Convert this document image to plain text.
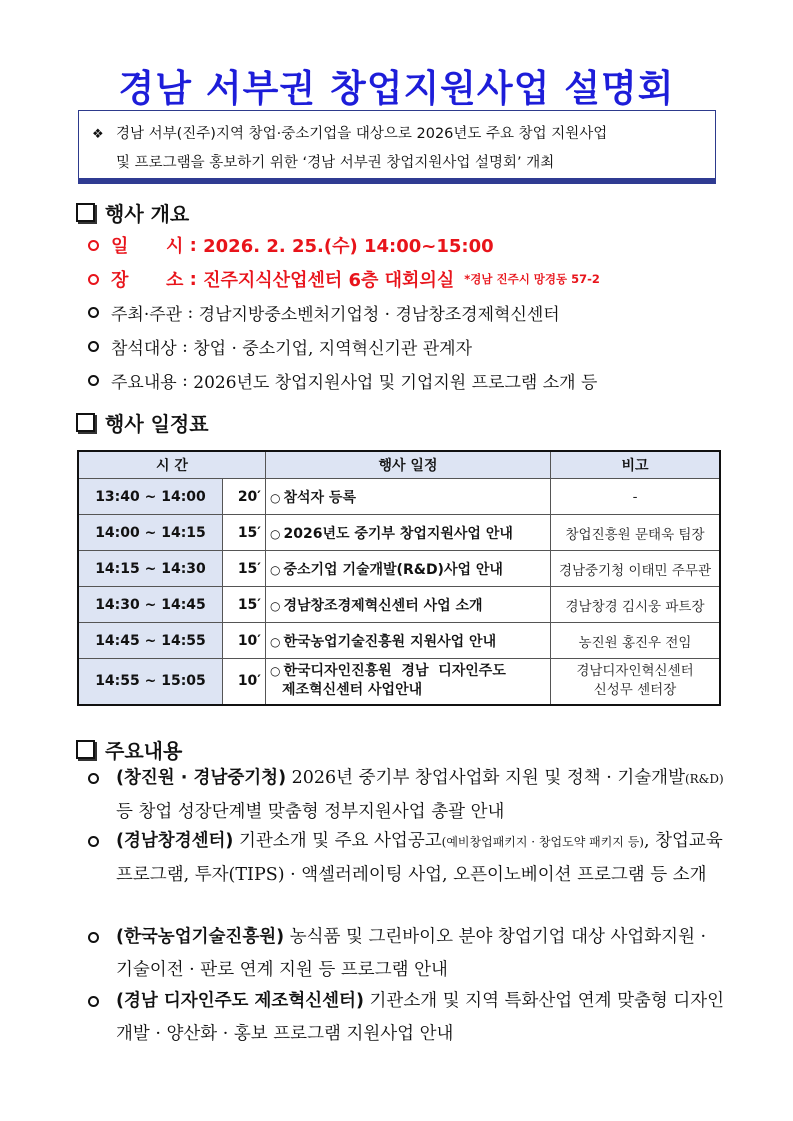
경남 서부권 창업지원사업 설명회
❖ 경남 서부(진주)지역 창업·중소기업을 대상으로 2026년도 주요 창업 지원사업
및 프로그램을 홍보하기 위한 ‘경남 서부권 창업지원사업 설명회’ 개최
행사 개요
일      시 : 2026. 2. 25.(수) 14:00~15:00
장      소 : 진주지식산업센터 6층 대회의실 *경남 진주시 망경동 57-2
주최·주관 : 경남지방중소벤처기업청 · 경남창조경제혁신센터
참석대상 : 창업 · 중소기업, 지역혁신기관 관계자
주요내용 : 2026년도 창업지원사업 및 기업지원 프로그램 소개 등
행사 일정표
시 간		행사 일정	비고
13:40 ~ 14:00	20′	○ 참석자 등록	-
14:00 ~ 14:15	15′	○ 2026년도 중기부 창업지원사업 안내	창업진흥원 문태욱 팀장
14:15 ~ 14:30	15′	○ 중소기업 기술개발(R&D)사업 안내	경남중기청 이태민 주무관
14:30 ~ 14:45	15′	○ 경남창조경제혁신센터 사업 소개	경남창경 김시웅 파트장
14:45 ~ 14:55	10′	○ 한국농업기술진흥원 지원사업 안내	농진원 홍진우 전임
14:55 ~ 15:05	10′	○ 한국디자인진흥원  경남  디자인주도
제조혁신센터 사업안내	경남디자인혁신센터
신성무 센터장
주요내용
(창진원 · 경남중기청) 2026년 중기부 창업사업화 지원 및 정책 · 기술개발(R&D) 등 창업 성장단계별 맞춤형 정부지원사업 총괄 안내
(경남창경센터) 기관소개 및 주요 사업공고(예비창업패키지 · 창업도약 패키지 등), 창업교육 프로그램, 투자(TIPS) · 액셀러레이팅 사업, 오픈이노베이션 프로그램 등 소개
(한국농업기술진흥원) 농식품 및 그린바이오 분야 창업기업 대상 사업화지원 · 기술이전 · 판로 연계 지원 등 프로그램 안내
(경남 디자인주도 제조혁신센터) 기관소개 및 지역 특화산업 연계 맞춤형 디자인 개발 · 양산화 · 홍보 프로그램 지원사업 안내
